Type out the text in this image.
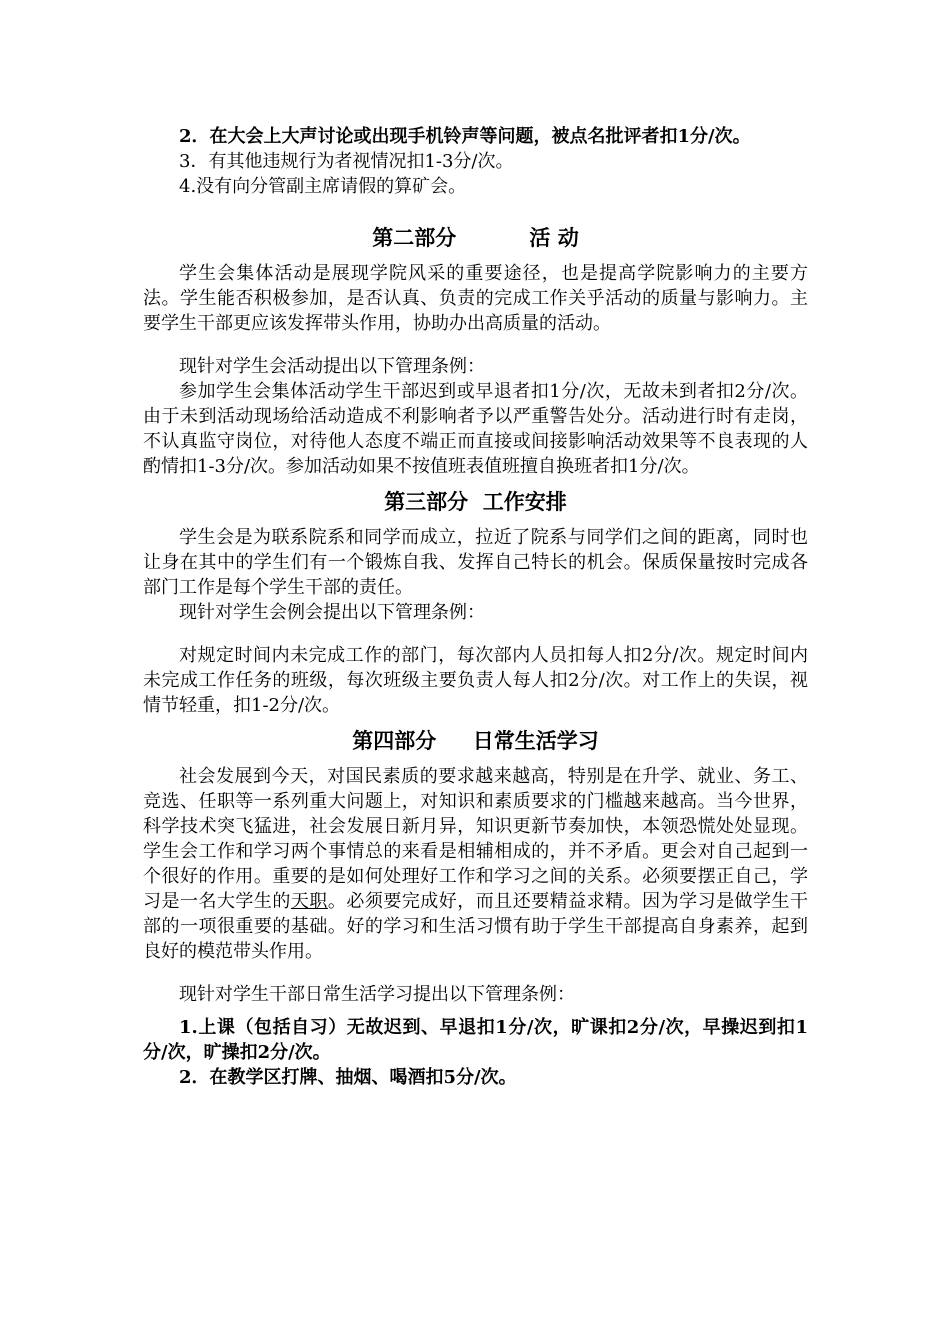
2．在大会上大声讨论或出现手机铃声等问题，被点名批评者扣1分/次。

3．有其他违规行为者视情况扣1-3分/次。

4.没有向分管副主席请假的算矿会。

第二部分          活 动

学生会集体活动是展现学院风采的重要途径，也是提高学院影响力的主要方法。学生能否积极参加，是否认真、负责的完成工作关乎活动的质量与影响力。主要学生干部更应该发挥带头作用，协助办出高质量的活动。

现针对学生会活动提出以下管理条例：

参加学生会集体活动学生干部迟到或早退者扣1分/次，无故未到者扣2分/次。由于未到活动现场给活动造成不利影响者予以严重警告处分。活动进行时有走岗，不认真监守岗位，对待他人态度不端正而直接或间接影响活动效果等不良表现的人酌情扣1-3分/次。参加活动如果不按值班表值班擅自换班者扣1分/次。

第三部分  工作安排

学生会是为联系院系和同学而成立，拉近了院系与同学们之间的距离，同时也让身在其中的学生们有一个锻炼自我、发挥自己特长的机会。保质保量按时完成各部门工作是每个学生干部的责任。

现针对学生会例会提出以下管理条例：

对规定时间内未完成工作的部门，每次部内人员扣每人扣2分/次。规定时间内未完成工作任务的班级，每次班级主要负责人每人扣2分/次。对工作上的失误，视情节轻重，扣1-2分/次。

第四部分     日常生活学习

社会发展到今天，对国民素质的要求越来越高，特别是在升学、就业、务工、竞选、任职等一系列重大问题上，对知识和素质要求的门槛越来越高。当今世界，科学技术突飞猛进，社会发展日新月异，知识更新节奏加快，本领恐慌处处显现。学生会工作和学习两个事情总的来看是相辅相成的，并不矛盾。更会对自己起到一个很好的作用。重要的是如何处理好工作和学习之间的关系。必须要摆正自己，学习是一名大学生的天职。必须要完成好，而且还要精益求精。因为学习是做学生干部的一项很重要的基础。好的学习和生活习惯有助于学生干部提高自身素养，起到良好的模范带头作用。

现针对学生干部日常生活学习提出以下管理条例：

1.上课（包括自习）无故迟到、早退扣1分/次，旷课扣2分/次，早操迟到扣1分/次，旷操扣2分/次。

2．在教学区打牌、抽烟、喝酒扣5分/次。
